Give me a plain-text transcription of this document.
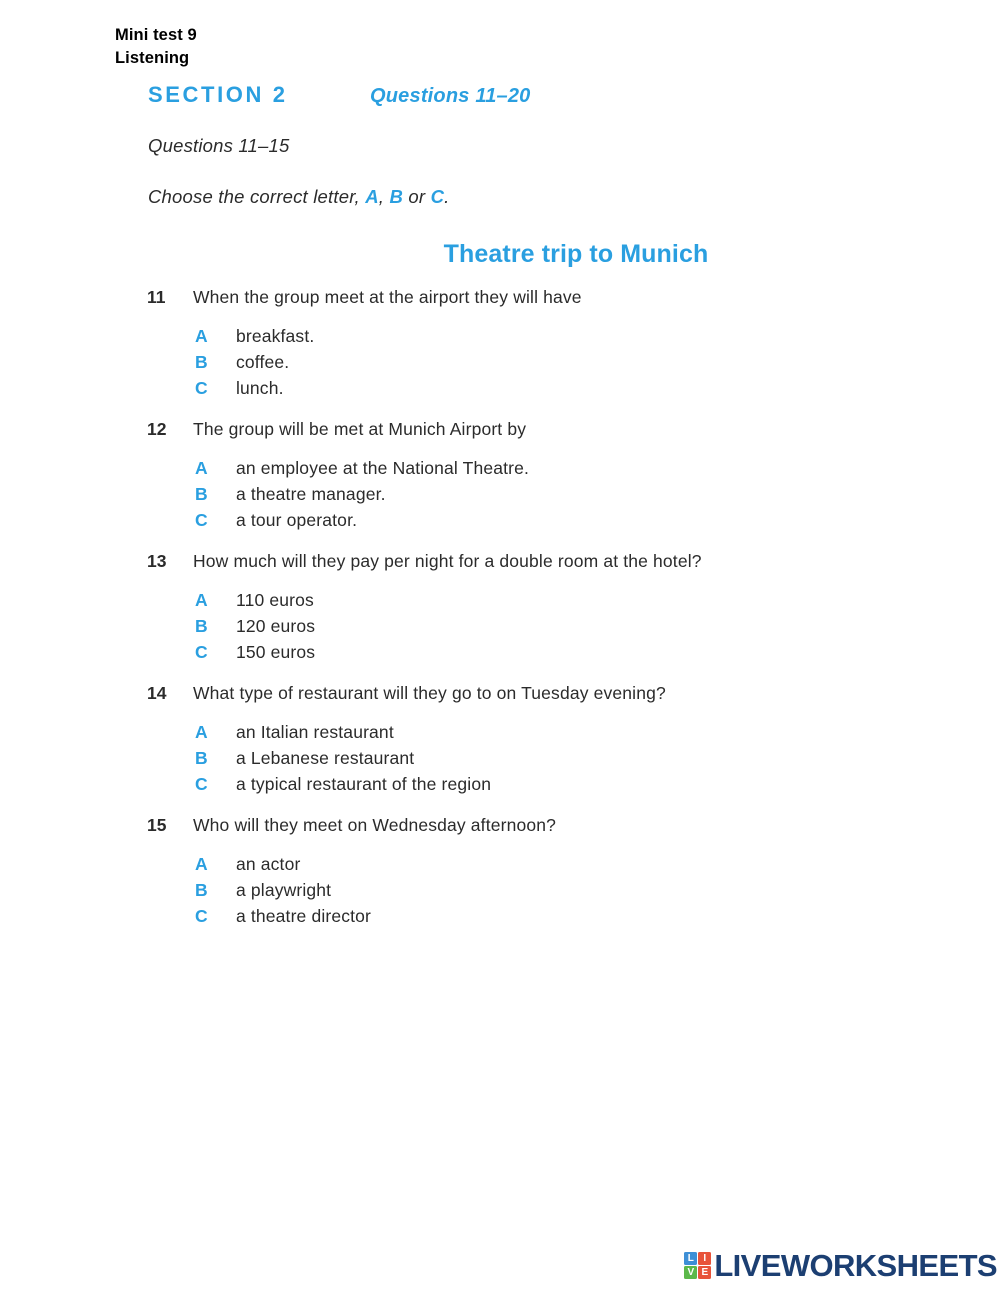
Mini test 9
Listening
SECTION 2	Questions 11–20
Questions 11–15
Choose the correct letter, A, B or C.
Theatre trip to Munich
11	When the group meet at the airport they will have
A	breakfast.
B	coffee.
C	lunch.
12	The group will be met at Munich Airport by
A	an employee at the National Theatre.
B	a theatre manager.
C	a tour operator.
13	How much will they pay per night for a double room at the hotel?
A	110 euros
B	120 euros
C	150 euros
14	What type of restaurant will they go to on Tuesday evening?
A	an Italian restaurant
B	a Lebanese restaurant
C	a typical restaurant of the region
15	Who will they meet on Wednesday afternoon?
A	an actor
B	a playwright
C	a theatre director
L I
V E LIVEWORKSHEETS
